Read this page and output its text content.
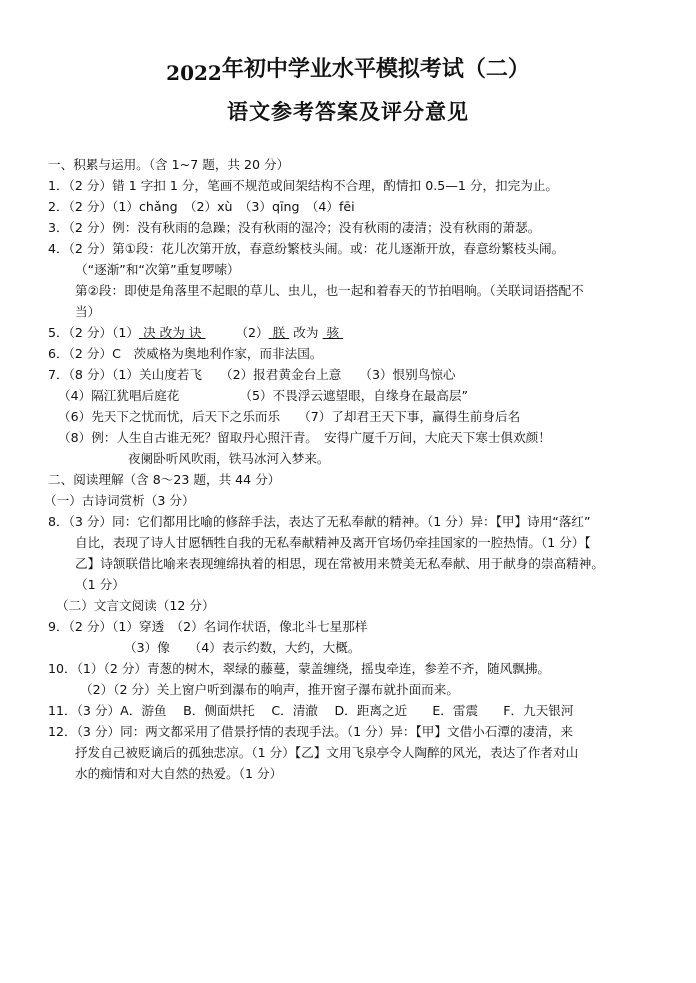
2022年初中学业水平模拟考试（二）
语文参考答案及评分意见
一、积累与运用。（含 1~7 题，共 20 分）
1．（2 分）错 1 字扣 1 分，笔画不规范或间架结构不合理，酌情扣 0.5—1 分，扣完为止。
2．（2 分）（1）chǎng　（2）xù　（3）qīng　（4）fēi
3．（2 分）例：没有秋雨的急躁；没有秋雨的湿冷；没有秋雨的凄清；没有秋雨的萧瑟。
4．（2 分）第①段：花儿次第开放，春意纷繁枝头闹。或：花儿逐渐开放，春意纷繁枝头闹。
（“逐渐”和“次第”重复啰嗦）
第②段：即使是角落里不起眼的草儿、虫儿，也一起和着春天的节拍唱响。（关联词语搭配不
当）
5．（2 分）（1） 决 改为 诀	（2） 朕 改为 骇
6．（2 分）C　茨威格为奥地利作家，而非法国。
7．（8 分）（1）关山度若飞 （2）报君黄金台上意 （3）恨别鸟惊心
（4）隔江犹唱后庭花	（5）不畏浮云遮望眼，自缘身在最高层”
（6）先天下之忧而忧，后天下之乐而乐 （7）了却君王天下事，赢得生前身后名
（8）例：人生自古谁无死？留取丹心照汗青。　安得广厦千万间，大庇天下寒士俱欢颜！
夜阑卧听风吹雨，铁马冰河入梦来。
二、阅读理解（含 8～23 题，共 44 分）
（一）古诗词赏析（3 分）
8．（3 分）同：它们都用比喻的修辞手法，表达了无私奉献的精神。（1 分）异：【甲】诗用“落红”
自比，表现了诗人甘愿牺牲自我的无私奉献精神及离开官场仍牵挂国家的一腔热情。（1 分）【
乙】诗颔联借比喻来表现缠绵执着的相思，现在常被用来赞美无私奉献、用于献身的崇高精神。
（1 分）
（二）文言文阅读（12 分）
9．（2 分）（1）穿透　（2）名词作状语，像北斗七星那样
（3）像　　（4）表示约数，大约，大概。
10．（1）（2 分）青葱的树木，翠绿的藤蔓，蒙盖缠绕，摇曳牵连，参差不齐，随风飘拂。
（2）（2 分）关上窗户听到瀑布的响声，推开窗子瀑布就扑面而来。
11．（3 分）A．游鱼　 B．侧面烘托　 C．清澈　 D．距离之近　　E．雷震　　F．九天银河
12．（3 分）同：两文都采用了借景抒情的表现手法。（1 分）异：【甲】文借小石潭的凄清，来
抒发自己被贬谪后的孤独悲凉。（1 分）【乙】文用飞泉亭令人陶醉的风光，表达了作者对山
水的痴情和对大自然的热爱。（1 分）
